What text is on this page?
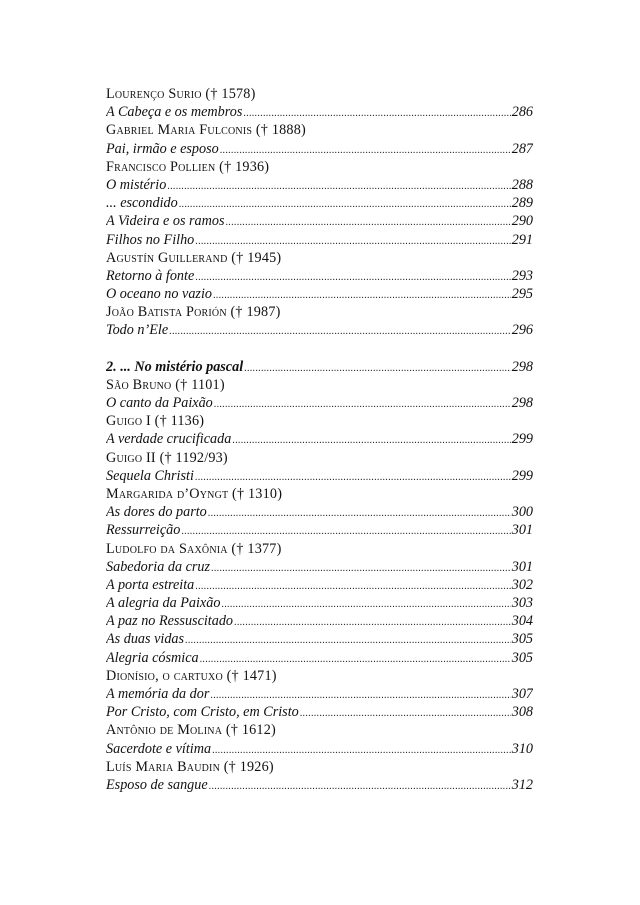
Lourenço Surio († 1578)
A Cabeça e os membros .....	286
Gabriel Maria Fulconis († 1888)
Pai, irmão e esposo .....	287
Francisco Pollien († 1936)
O mistério .....	288
... escondido .....	289
A Videira e os ramos .....	290
Filhos no Filho .....	291
Agustín Guillerand († 1945)
Retorno à fonte .....	293
O oceano no vazio .....	295
João Batista Porión († 1987)
Todo n’Ele .....	296
2. ... No mistério pascal .....	298
São Bruno († 1101)
O canto da Paixão .....	298
Guigo I († 1136)
A verdade crucificada .....	299
Guigo II († 1192/93)
Sequela Christi .....	299
Margarida d’Oyngt († 1310)
As dores do parto .....	300
Ressurreição .....	301
Ludolfo da Saxônia († 1377)
Sabedoria da cruz .....	301
A porta estreita .....	302
A alegria da Paixão .....	303
A paz no Ressuscitado .....	304
As duas vidas .....	305
Alegria cósmica .....	305
Dionísio, o cartuxo († 1471)
A memória da dor .....	307
Por Cristo, com Cristo, em Cristo .....	308
Antônio de Molina († 1612)
Sacerdote e vítima .....	310
Luís Maria Baudin († 1926)
Esposo de sangue .....	312
